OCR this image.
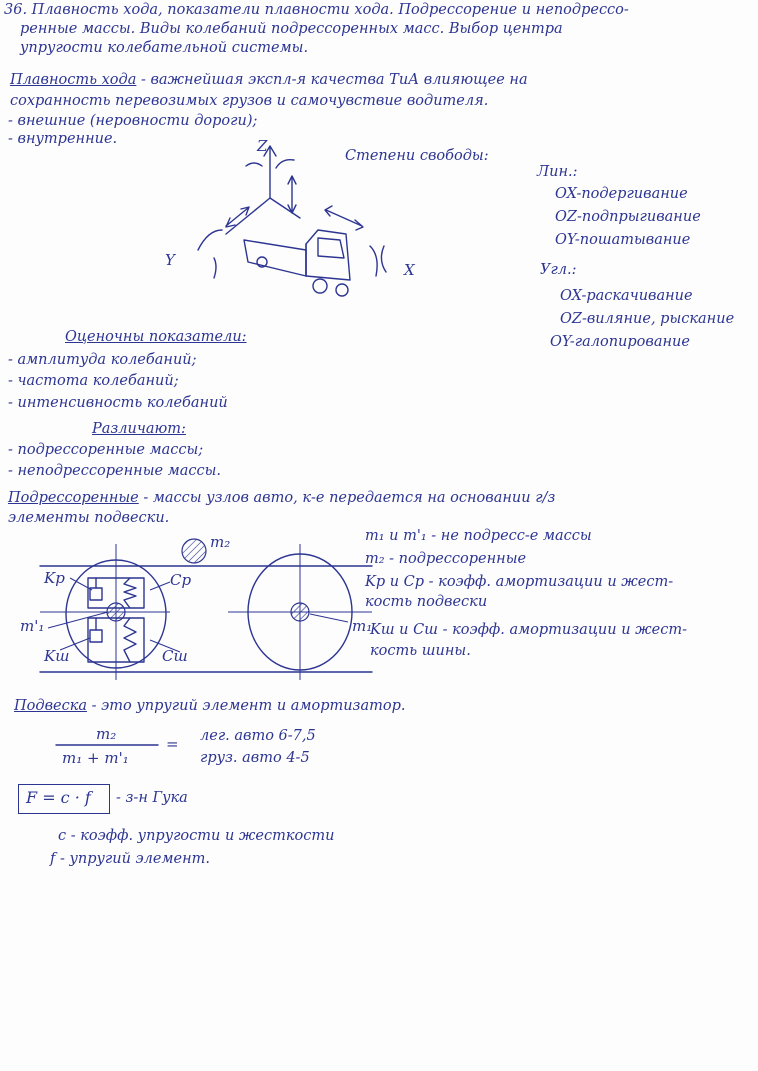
36. Плавность хода, показатели плавности хода. Подрессорение и неподрессо-
ренные массы. Виды колебаний подрессоренных масс. Выбор центра
упругости колебательной системы.
Плавность хода - важнейшая экспл-я качества ТиА влияющее на
сохранность перевозимых грузов и самочувствие водителя.
- внешние (неровности дороги);
- внутренние.	Z
Y
X
Степени свободы:
Лин.:
OX-подергивание
OZ-подпрыгивание
OY-пошатывание
Угл.:
OX-раскачивание
OZ-виляние, рыскание
OY-галопирование
Оценочны показатели:
- амплитуда колебаний;
- частота колебаний;
- интенсивность колебаний
Различают:
- подрессоренные массы;
- неподрессоренные массы.
Подрессоренные - массы узлов авто, к-е передается на основании г/з
элементы подвески.
m₂
Kр	Cр
m'₁
Kш	Cш
m₁
m₁ и m'₁ - не подресс-е массы
m₂ - подрессоренные
Kр и Cр - коэфф. амортизации и жест-
кость подвески
Kш и Cш - коэфф. амортизации и жест-
кость шины.
Подвеска - это упругий элемент и амортизатор.
m₂
m₁ + m'₁
= лег. авто 6-7,5
груз. авто 4-5
F = c · f - з-н Гука
c - коэфф. упругости и жесткости
f - упругий элемент.
